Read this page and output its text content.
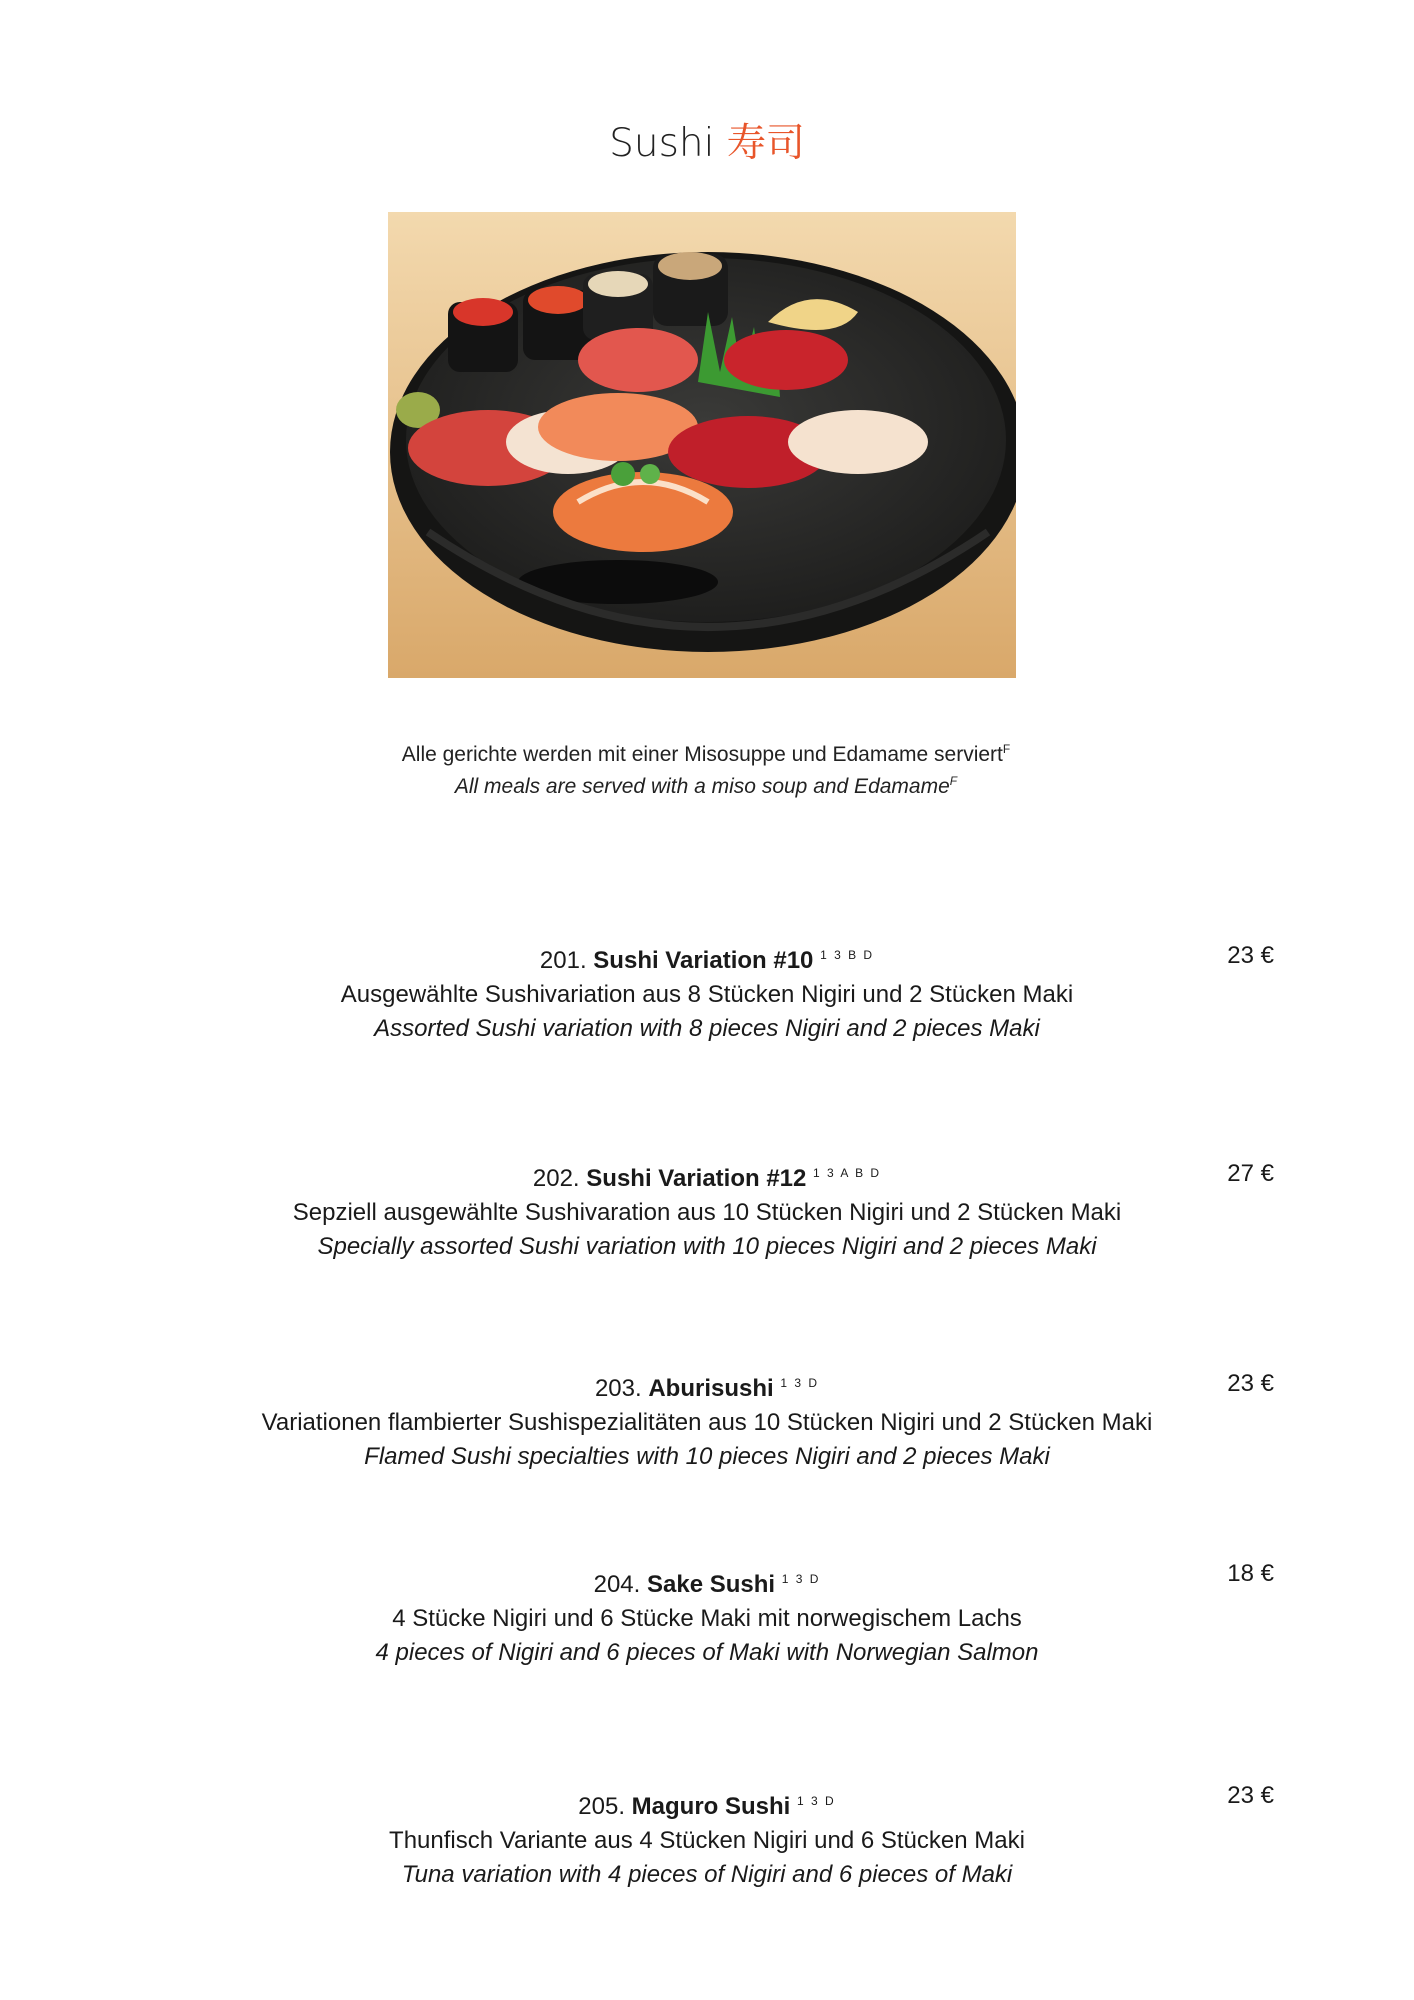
Sushi 寿司
Alle gerichte werden mit einer Misosuppe und Edamame serviert$^F$
All meals are served with a miso soup and Edamame$^F$
201. Sushi Variation #10 $^{1 3 B D}$
Ausgewählte Sushivariation aus 8 Stücken Nigiri und 2 Stücken Maki
Assorted Sushi variation with 8 pieces Nigiri and 2 pieces Maki
23 €
202. Sushi Variation #12 $^{1 3 A B D}$
Sepziell ausgewählte Sushivaration aus 10 Stücken Nigiri und 2 Stücken Maki
Specially assorted Sushi variation with 10 pieces Nigiri and 2 pieces Maki
27 €
203. Aburisushi $^{1 3 D}$
Variationen flambierter Sushispezialitäten aus 10 Stücken Nigiri und 2 Stücken Maki
Flamed Sushi specialties with 10 pieces Nigiri and 2 pieces Maki
23 €
204. Sake Sushi $^{1 3 D}$
4 Stücke Nigiri und 6 Stücke Maki mit norwegischem Lachs
4 pieces of Nigiri and 6 pieces of Maki with Norwegian Salmon
18 €
205. Maguro Sushi $^{1 3 D}$
Thunfisch Variante aus 4 Stücken Nigiri und 6 Stücken Maki
Tuna variation with 4 pieces of Nigiri and 6 pieces of Maki
23 €
